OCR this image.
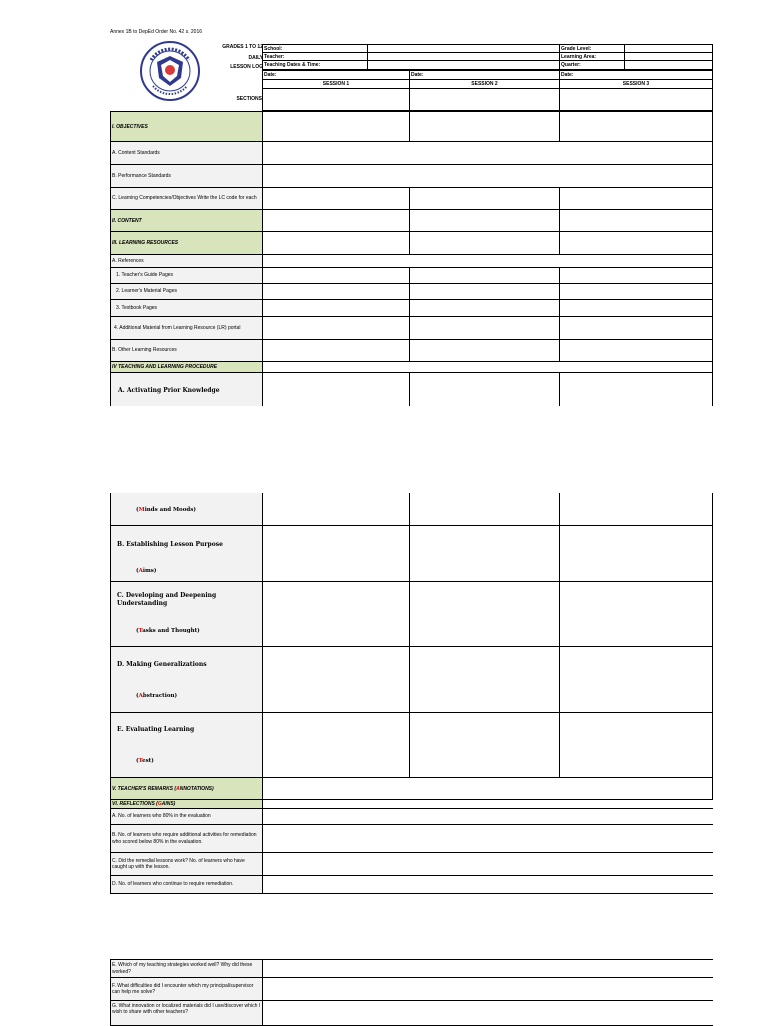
Annex 1B to DepEd Order No. 42 s. 2016
GRADES 1 TO 12
DAILY
LESSON LOG
School:	Grade Level:
Teacher:	Learning Area:
Teaching Dates & Time:	Quarter:
Date:	Date:	Date:
SESSION 1	SESSION 2	SESSION 3
SECTIONS
I. OBJECTIVES
A. Content Standards
B. Performance Standards
C. Learning Competencies/Objectives Write the LC code for each
II. CONTENT
III. LEARNING RESOURCES
A. References
1. Teacher's Guide Pages
2. Learner's Material Pages
3. Textbook Pages
4. Additional Material from Learning Resource (LR) portal
B. Other Learning Resources
IV TEACHING AND LEARNING PROCEDURE
A. Activating Prior Knowledge
(Minds and Moods)
B. Establishing Lesson Purpose
(Aims)
C. Developing and Deepening Understanding
(Tasks and Thought)
D. Making Generalizations
(Abstraction)
E. Evaluating Learning
(Test)
V. TEACHER'S REMARKS (ANNOTATIONS)
VI. REFLECTIONS (GAINS)
A. No. of learners who 80% in the evaluation
B. No. of learners who require additional activities for remediation who scored below 80% in the evaluation.
C. Did the remedial lessons work? No. of learners who have caught up with the lesson.
D. No. of learners who continue to require remediation.
E. Which of my teaching strategies worked well? Why did these worked?
F. What difficulties did I encounter which my principal/supervisor can help me solve?
G. What innovation or localized materials did I use/discover which I wish to share with other teachers?
